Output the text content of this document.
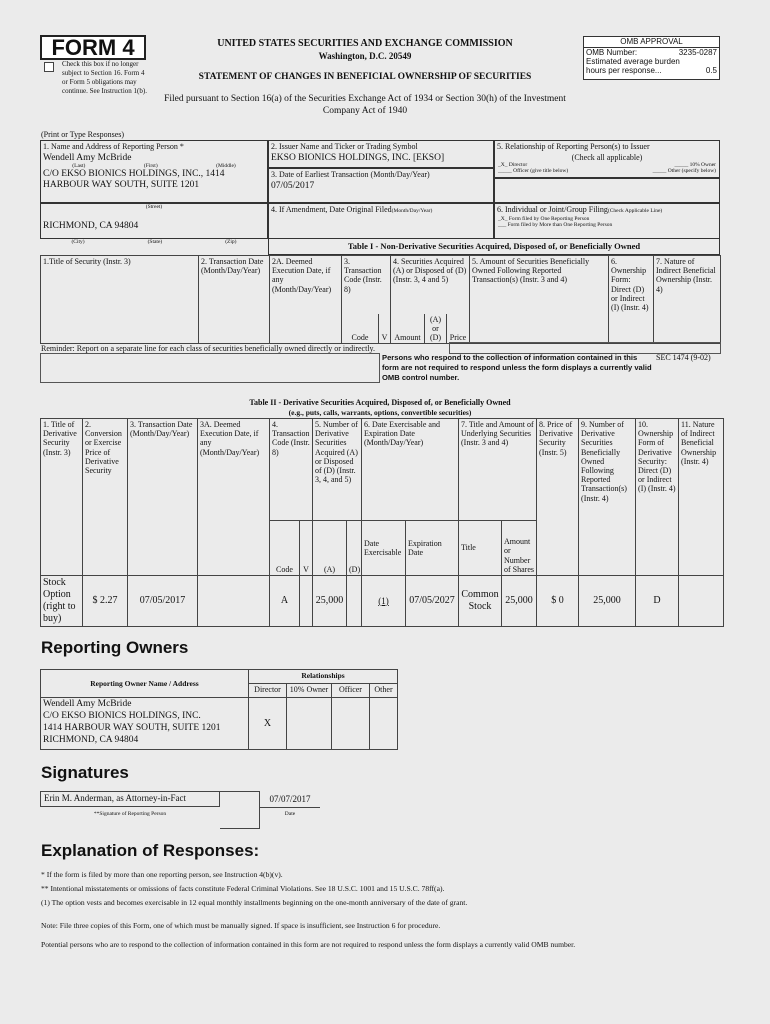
FORM 4
Check this box if no longer subject to Section 16. Form 4 or Form 5 obligations may continue. See Instruction 1(b).
UNITED STATES SECURITIES AND EXCHANGE COMMISSION
Washington, D.C. 20549
STATEMENT OF CHANGES IN BENEFICIAL OWNERSHIP OF SECURITIES
Filed pursuant to Section 16(a) of the Securities Exchange Act of 1934 or Section 30(h) of the Investment Company Act of 1940
OMB APPROVAL
OMB Number:	3235-0287
Estimated average burden
hours per response...	0.5
(Print or Type Responses)
1. Name and Address of Reporting Person *
Wendell Amy McBride
(Last)	(First)	(Middle)
C/O EKSO BIONICS HOLDINGS, INC., 1414
HARBOUR WAY SOUTH, SUITE 1201
(Street)
RICHMOND, CA 94804
(City)	(State)	(Zip)
2. Issuer Name and Ticker or Trading Symbol
EKSO BIONICS HOLDINGS, INC. [EKSO]
3. Date of Earliest Transaction (Month/Day/Year)
07/05/2017
4. If Amendment, Date Original Filed(Month/Day/Year)
5. Relationship of Reporting Person(s) to Issuer
(Check all applicable)
_X_ Director	_____ 10% Owner
_____ Officer (give title below)	_____ Other (specify below)
6. Individual or Joint/Group Filing(Check Applicable Line)
_X_ Form filed by One Reporting Person
___ Form filed by More than One Reporting Person
Table I - Non-Derivative Securities Acquired, Disposed of, or Beneficially Owned
1.Title of Security (Instr. 3)	2. Transaction Date (Month/Day/Year)	2A. Deemed Execution Date, if any (Month/Day/Year)	3. Transaction Code (Instr. 8)		4. Securities Acquired (A) or Disposed of (D) (Instr. 3, 4 and 5)			5. Amount of Securities Beneficially Owned Following Reported Transaction(s) (Instr. 3 and 4)	6. Ownership Form: Direct (D) or Indirect (I) (Instr. 4)	7. Nature of Indirect Beneficial Ownership (Instr. 4)
			Code	V	Amount	(A) or (D)	Price			
Reminder: Report on a separate line for each class of securities beneficially owned directly or indirectly.
Persons who respond to the collection of information contained in this form are not required to respond unless the form displays a currently valid OMB control number.
SEC 1474 (9-02)
Table II - Derivative Securities Acquired, Disposed of, or Beneficially Owned
(e.g., puts, calls, warrants, options, convertible securities)
1. Title of Derivative Security (Instr. 3)	2. Conversion or Exercise Price of Derivative Security	3. Transaction Date (Month/Day/Year)	3A. Deemed Execution Date, if any (Month/Day/Year)	4. Transaction Code (Instr. 8)		5. Number of Derivative Securities Acquired (A) or Disposed of (D) (Instr. 3, 4, and 5)		6. Date Exercisable and Expiration Date (Month/Day/Year)		7. Title and Amount of Underlying Securities (Instr. 3 and 4)		8. Price of Derivative Security (Instr. 5)	9. Number of Derivative Securities Beneficially Owned Following Reported Transaction(s) (Instr. 4)	10. Ownership Form of Derivative Security: Direct (D) or Indirect (I) (Instr. 4)	11. Nature of Indirect Beneficial Ownership (Instr. 4)
				Code	V	(A)	(D)	Date Exercisable	Expiration Date	Title	Amount or Number of Shares				
Stock Option (right to buy)	$ 2.27	07/05/2017		A		25,000		(1)	07/05/2027	Common Stock	25,000	$ 0	25,000	D	
Reporting Owners
Reporting Owner Name / Address	Relationships			
	Director	10% Owner	Officer	Other

Wendell Amy McBride
C/O EKSO BIONICS HOLDINGS, INC.
1414 HARBOUR WAY SOUTH, SUITE 1201
RICHMOND, CA 94804	X			
Signatures
Erin M. Anderman, as Attorney-in-Fact	07/07/2017
**Signature of Reporting Person	Date
Explanation of Responses:
* If the form is filed by more than one reporting person, see Instruction 4(b)(v).
** Intentional misstatements or omissions of facts constitute Federal Criminal Violations. See 18 U.S.C. 1001 and 15 U.S.C. 78ff(a).
(1) The option vests and becomes exercisable in 12 equal monthly installments beginning on the one-month anniversary of the date of grant.
Note: File three copies of this Form, one of which must be manually signed. If space is insufficient, see Instruction 6 for procedure.
Potential persons who are to respond to the collection of information contained in this form are not required to respond unless the form displays a currently valid OMB number.
